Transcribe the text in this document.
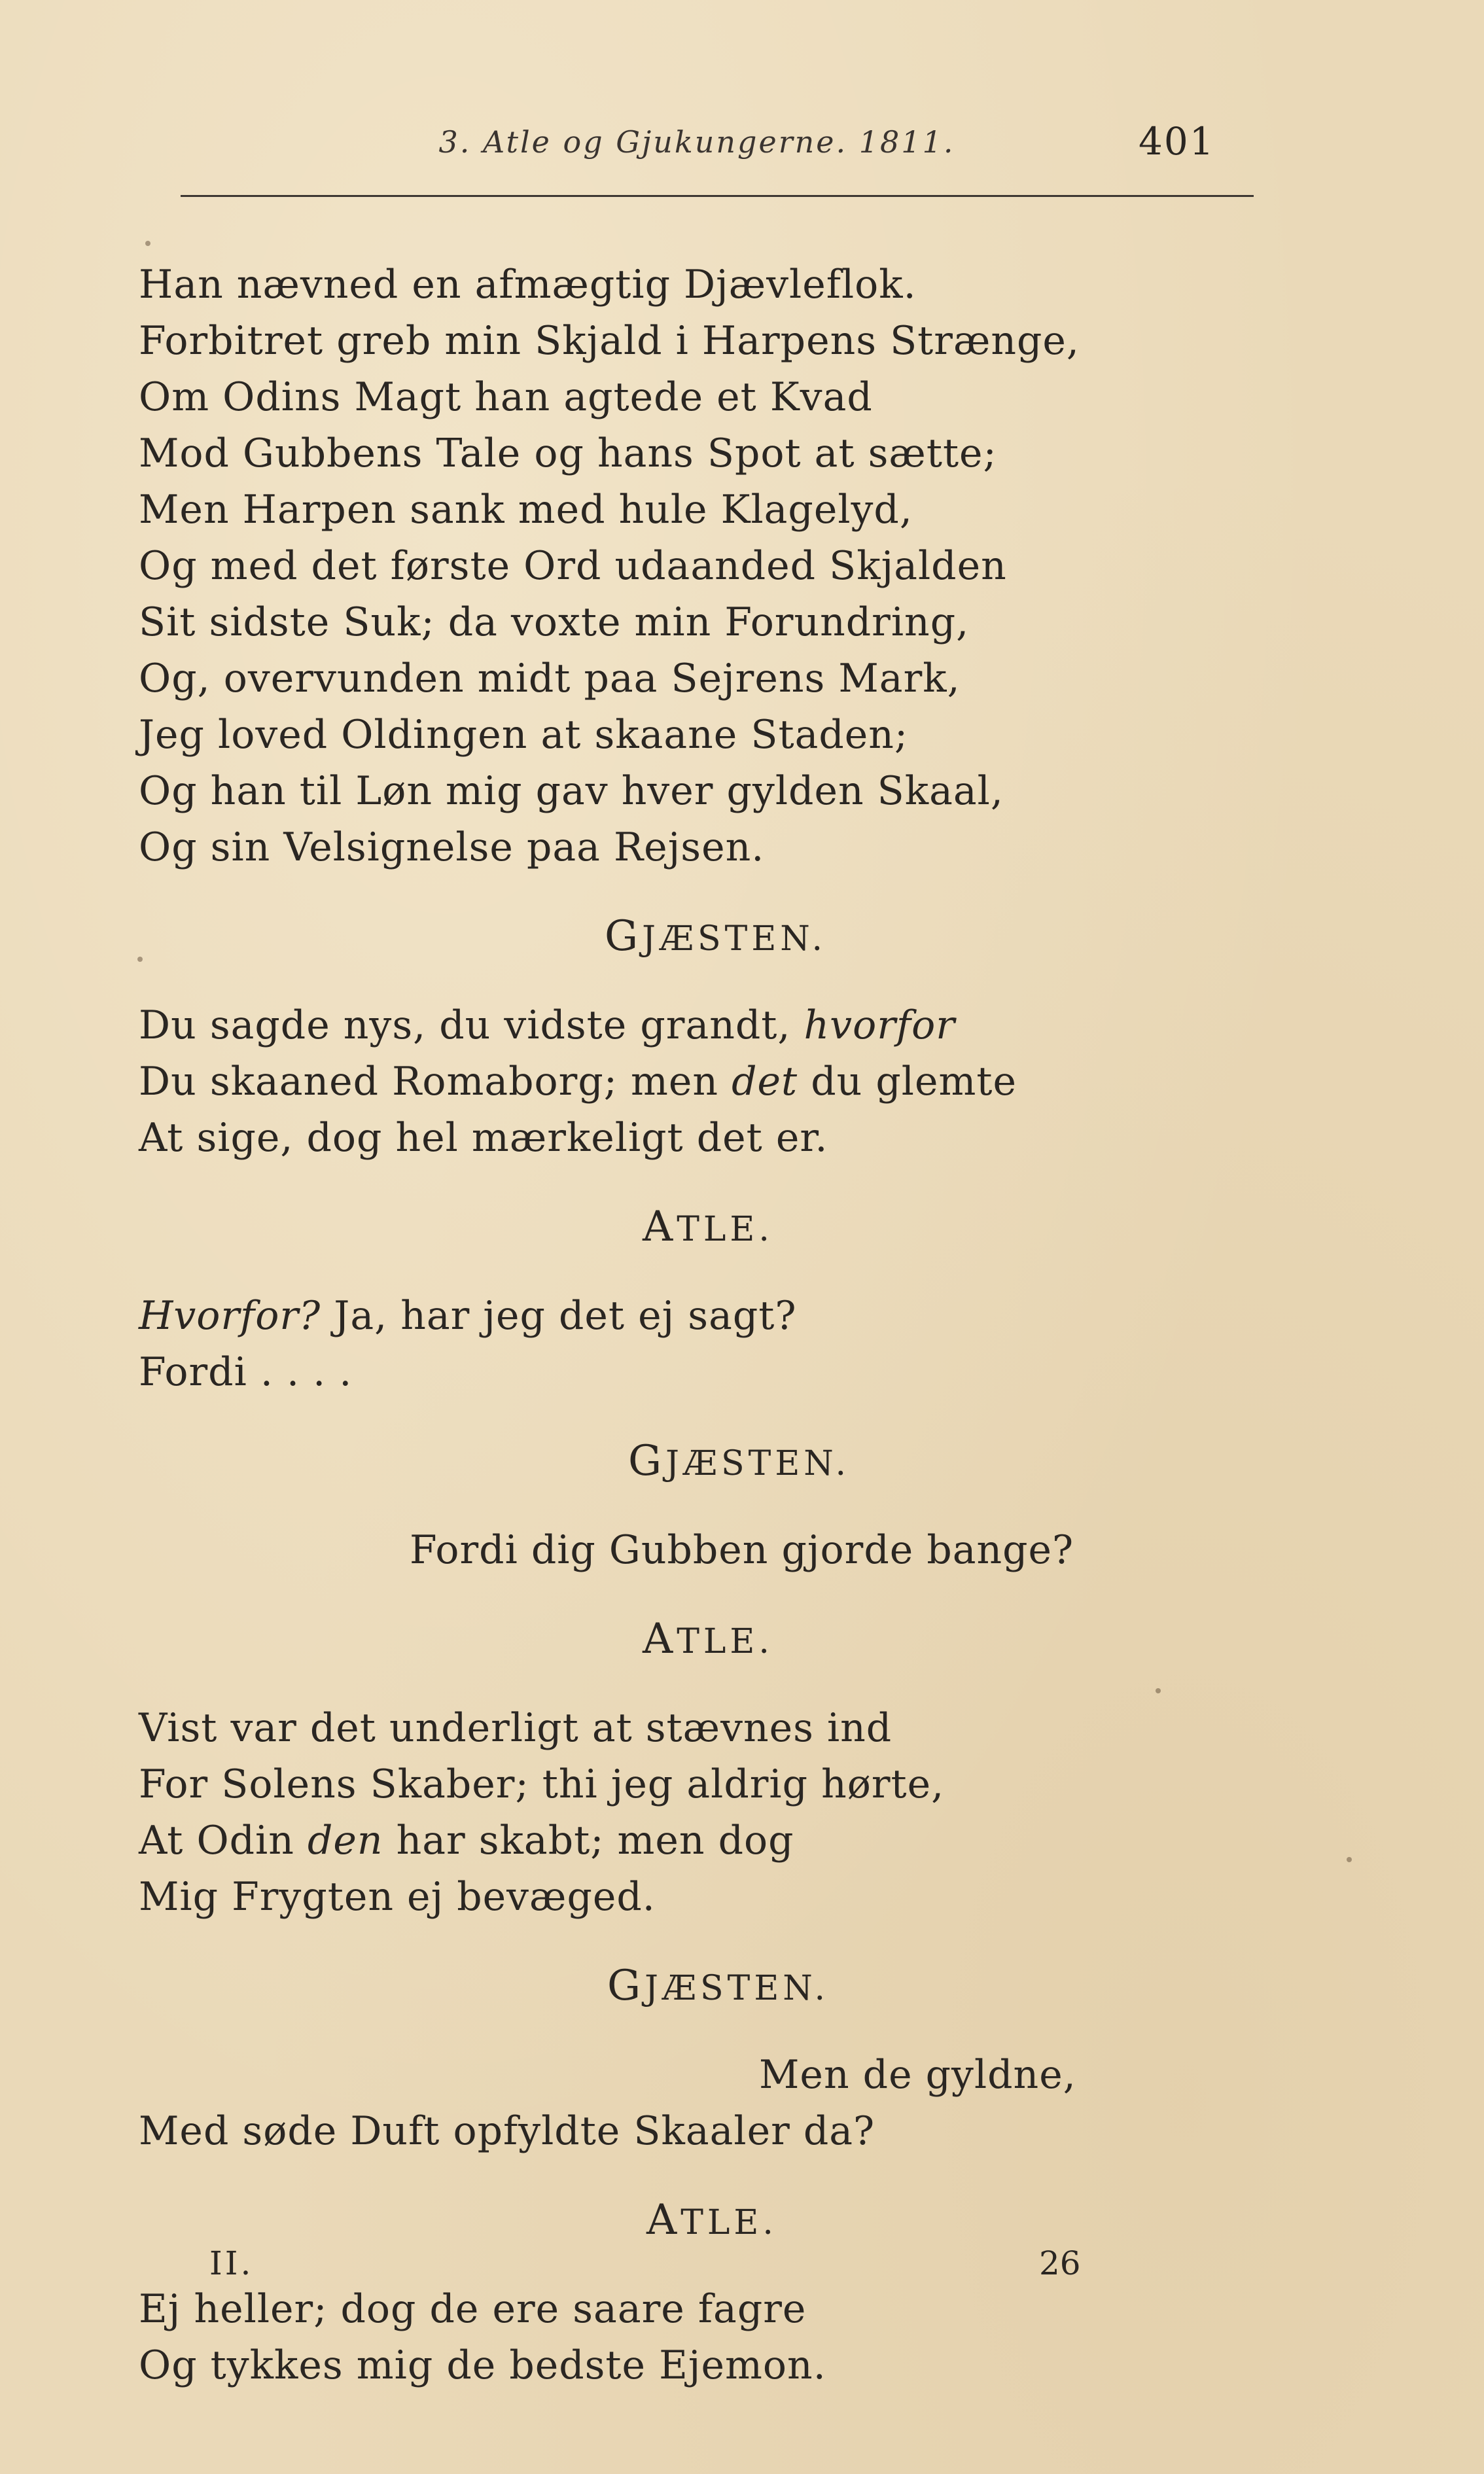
3. Atle og Gjukungerne. 1811.	401
Han nævned en afmægtig Djævleflok.
Forbitret greb min Skjald i Harpens Strænge,
Om Odins Magt han agtede et Kvad
Mod Gubbens Tale og hans Spot at sætte;
Men Harpen sank med hule Klagelyd,
Og med det første Ord udaanded Skjalden
Sit sidste Suk; da voxte min Forundring,
Og, overvunden midt paa Sejrens Mark,
Jeg loved Oldingen at skaane Staden;
Og han til Løn mig gav hver gylden Skaal,
Og sin Velsignelse paa Rejsen.
GJÆSTEN.
Du sagde nys, du vidste grandt, hvorfor
Du skaaned Romaborg; men det du glemte
At sige, dog hel mærkeligt det er.
ATLE.
Hvorfor? Ja, har jeg det ej sagt?
Fordi . . . .
GJÆSTEN.
Fordi dig Gubben gjorde bange?
ATLE.
Vist var det underligt at stævnes ind
For Solens Skaber; thi jeg aldrig hørte,
At Odin den har skabt; men dog
Mig Frygten ej bevæged.
GJÆSTEN.
Men de gyldne,
Med søde Duft opfyldte Skaaler da?
ATLE.
Ej heller; dog de ere saare fagre
Og tykkes mig de bedste Ejemon.
II.	26
